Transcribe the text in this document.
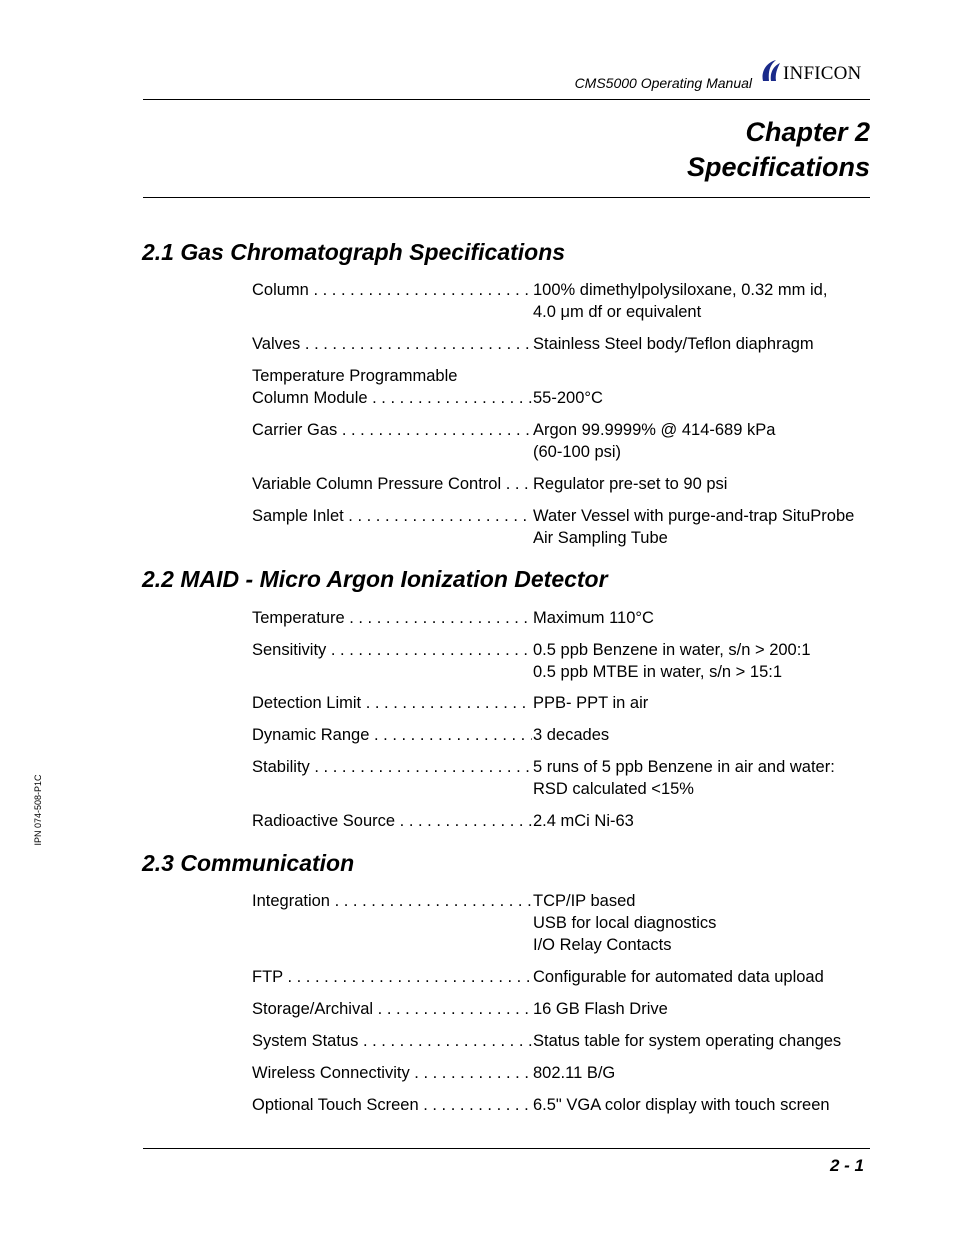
CMS5000 Operating Manual INFICON
Chapter 2
Specifications
2.1 Gas Chromatograph Specifications
Column . . .	100% dimethylpolysiloxane, 0.32 mm id,
4.0 μm df or equivalent
Valves . . .	Stainless Steel body/Teflon diaphragm
Temperature Programmable
Column Module . . .	55-200°C
Carrier Gas . . .	Argon 99.9999% @ 414-689 kPa
(60-100 psi)
Variable Column Pressure Control . . .	Regulator pre-set to 90 psi
Sample Inlet . . .	Water Vessel with purge-and-trap SituProbe
Air Sampling Tube
2.2 MAID - Micro Argon Ionization Detector
Temperature . . .	Maximum 110°C
Sensitivity . . .	0.5 ppb Benzene in water, s/n > 200:1
0.5 ppb MTBE in water, s/n > 15:1
Detection Limit . . .	PPB- PPT in air
Dynamic Range . . .	3 decades
Stability . . .	5 runs of 5 ppb Benzene in air and water:
RSD calculated <15%
Radioactive Source . . .	2.4 mCi Ni-63
2.3 Communication
Integration . . .	TCP/IP based
USB for local diagnostics
I/O Relay Contacts
FTP . . .	Configurable for automated data upload
Storage/Archival . . .	16 GB Flash Drive
System Status . . .	Status table for system operating changes
Wireless Connectivity . . .	802.11 B/G
Optional Touch Screen . . .	6.5" VGA color display with touch screen
IPN 074-508-P1C
2 - 1
